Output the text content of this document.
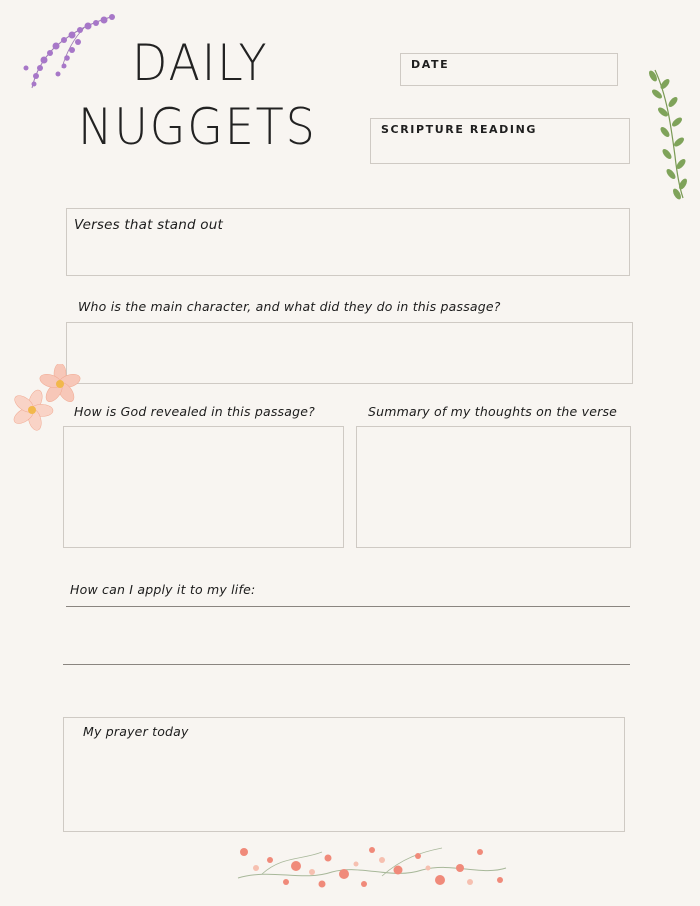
DAILY
NUGGETS
DATE
SCRIPTURE READING
Verses that stand out
Who is the main character, and what did they do in this passage?
How is God revealed in this passage?	Summary of my thoughts on the verse
How can I apply it to my life:
My prayer today
